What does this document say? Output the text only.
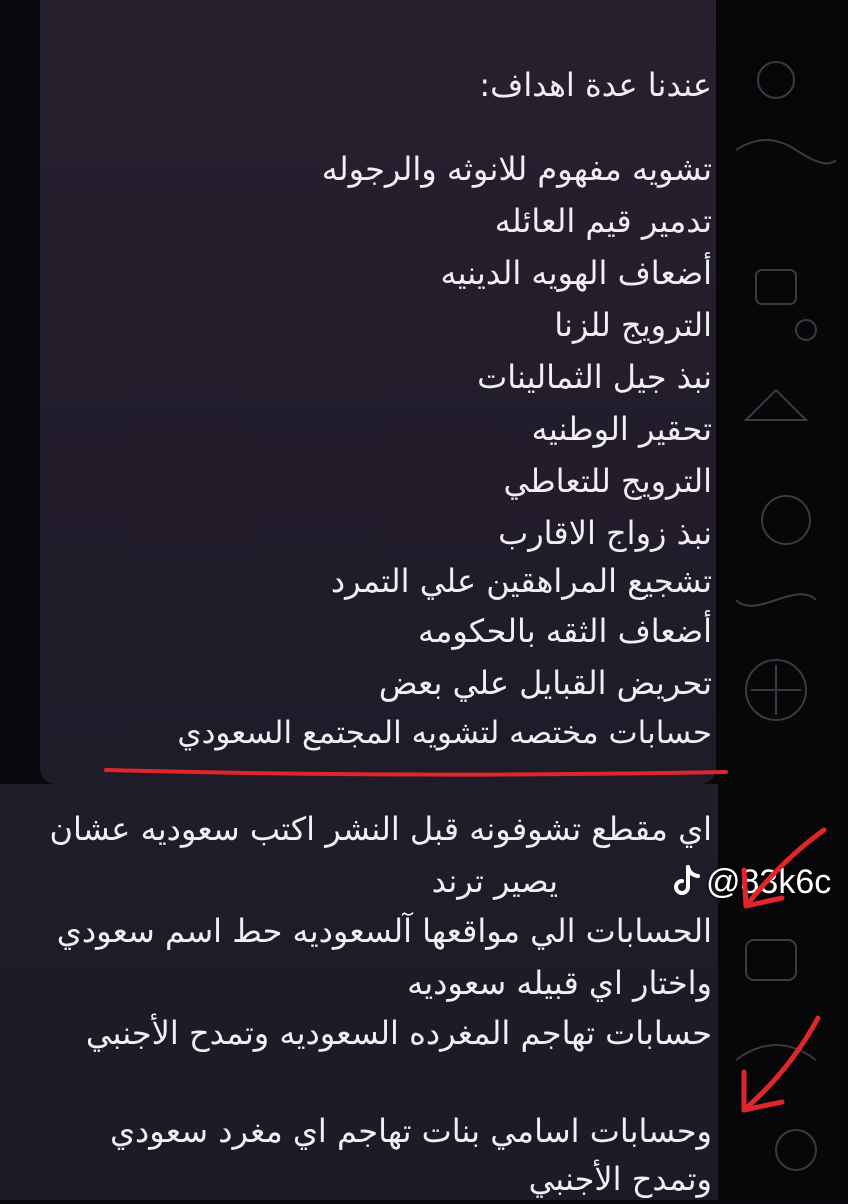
عندنا عدة اهداف:
تشويه مفهوم للانوثه والرجوله
تدمير قيم العائله
أضعاف الهويه الدينيه
الترويج للزنا
نبذ جيل الثمالينات
تحقير الوطنيه
الترويج للتعاطي
نبذ زواج الاقارب
تشجيع المراهقين علي التمرد
أضعاف الثقه بالحكومه
تحريض القبايل علي بعض
حسابات مختصه لتشويه المجتمع السعودي
اي مقطع تشوفونه قبل النشر اكتب سعوديه عشان
يصير ترند
الحسابات الي مواقعها آلسعوديه حط اسم سعودي
واختار اي قبيله سعوديه
حسابات تهاجم المغرده السعوديه وتمدح الأجنبي
وحسابات اسامي بنات تهاجم اي مغرد سعودي
وتمدح الأجنبي
@83k6c
